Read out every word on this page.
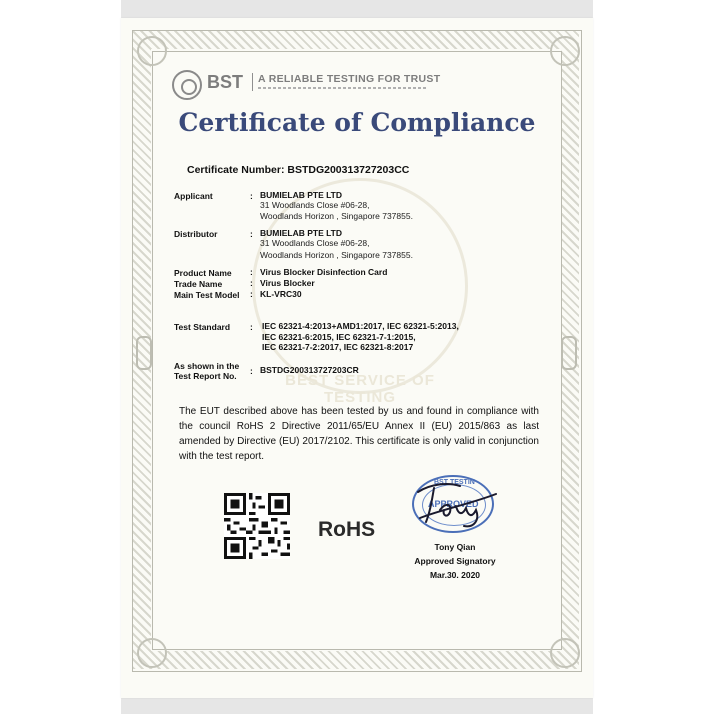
BEST SERVICE OF TESTING
BST A RELIABLE TESTING FOR TRUST
Certificate of Compliance
Certificate Number: BSTDG200313727203CC
Applicant	: BUMIELAB PTE LTD
31 Woodlands Close #06-28,
Woodlands Horizon , Singapore 737855.
Distributor	: BUMIELAB PTE LTD
31 Woodlands Close #06-28,
Woodlands Horizon , Singapore 737855.
Product Name : Virus Blocker Disinfection Card
Trade Name	: Virus Blocker
Main Test Model : KL-VRC30
Test Standard : IEC 62321-4:2013+AMD1:2017, IEC 62321-5:2013,
IEC 62321-6:2015, IEC 62321-7-1:2015,
IEC 62321-7-2:2017, IEC 62321-8:2017
As shown in the
Test Report No. : BSTDG200313727203CR
The EUT described above has been tested by us and found in compliance with the council RoHS 2 Directive 2011/65/EU Annex II (EU) 2015/863 as last amended by Directive (EU) 2017/2102. This certificate is only valid in conjunction with the test report.
RoHS
BST TESTIN
APPROVED
Tony Qian
Approved Signatory
Mar.30. 2020
